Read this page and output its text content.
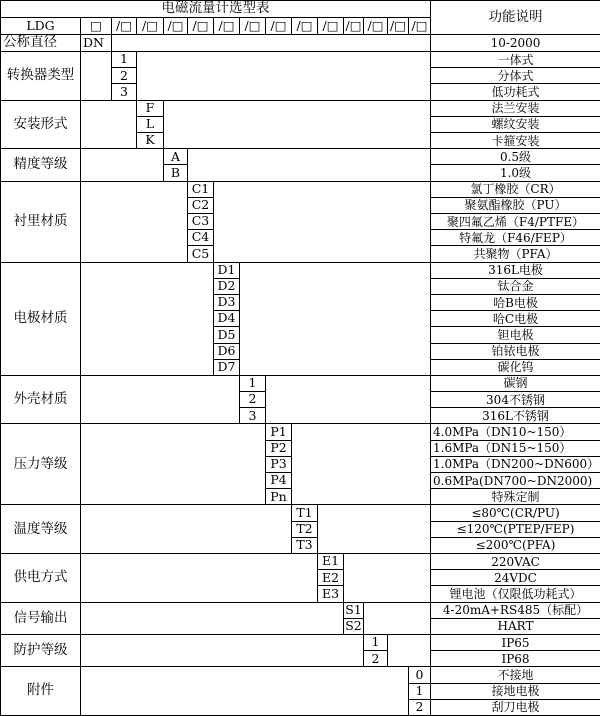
电磁流量计选型表
功能说明
LDG	□	/□ /□ /□ /□ /□ /□ /□ /□ /□ /□ /□ /□ /□
公称直径	DN	10-2000
转换器类型
1	一体式
2	分体式
3	低功耗式
安装形式
F	法兰安装
L	螺纹安装
K	卡箍安装
精度等级
A	0.5级
B	1.0级
衬里材质
C1	氯丁橡胶（CR）
C2	聚氨酯橡胶（PU）
C3	聚四氟乙烯（F4/PTFE）
C4	特氟龙（F46/FEP）
C5	共聚物（PFA）
电极材质
D1	316L电极
D2	钛合金
D3	哈B电极
D4	哈C电极
D5	钽电极
D6	铂铱电极
D7	碳化钨
外壳材质
1	碳钢
2	304不锈钢
3	316L不锈钢
压力等级
P1	4.0MPa（DN10~150）
P2	1.6MPa（DN15~150）
P3	1.0MPa（DN200~DN600）
P4	0.6MPa(DN700~DN2000)
Pn	特殊定制
温度等级
T1	≤80℃(CR/PU)
T2	≤120℃(PTEP/FEP)
T3	≤200℃(PFA)
供电方式
E1	220VAC
E2	24VDC
E3	锂电池（仅限低功耗式）
信号输出
S1	4-20mA+RS485（标配）
S2	HART
防护等级
1	IP65
2	IP68
附件
0	不接地
1	接地电极
2	刮刀电极
